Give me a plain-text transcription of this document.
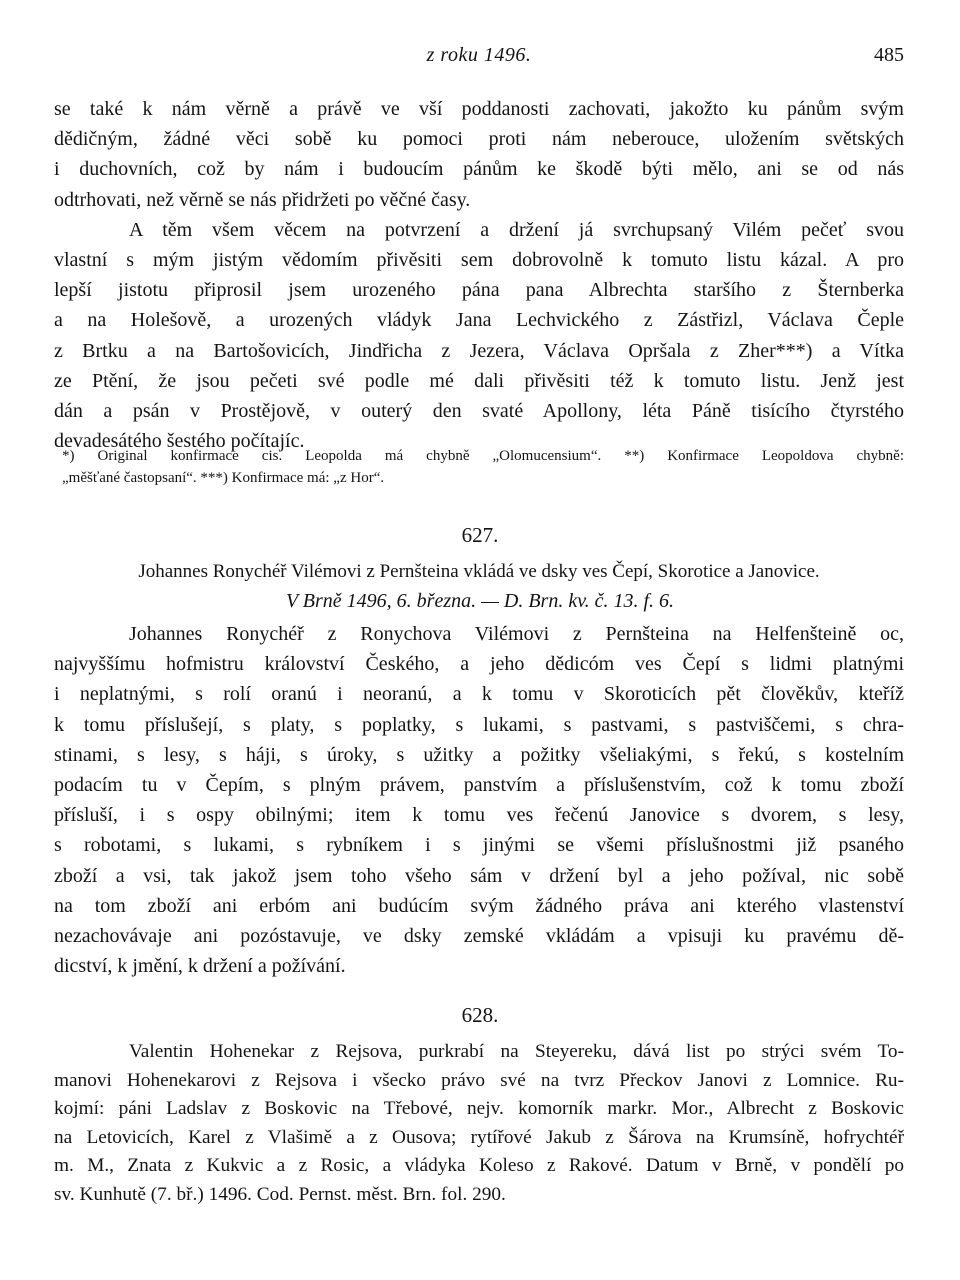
z roku 1496.	485
se také k nám věrně a právě ve vší poddanosti zachovati, jakožto ku pánům svým
dědičným, žádné věci sobě ku pomoci proti nám neberouce, uložením světských
i duchovních, což by nám i budoucím pánům ke škodě býti mělo, ani se od nás
odtrhovati, než věrně se nás přidržeti po věčné časy.
A těm všem věcem na potvrzení a držení já svrchupsaný Vilém pečeť svou
vlastní s mým jistým vědomím přivěsiti sem dobrovolně k tomuto listu kázal. A pro
lepší jistotu připrosil jsem urozeného pána pana Albrechta staršího z Šternberka
a na Holešově, a urozených vládyk Jana Lechvického z Zástřizl, Václava Čeple
z Brtku a na Bartošovicích, Jindřicha z Jezera, Václava Opršala z Zher***) a Vítka
ze Ptění, že jsou pečeti své podle mé dali přivěsiti též k tomuto listu. Jenž jest
dán a psán v Prostějově, v outerý den svaté Apollony, léta Páně tisícího čtyrstého
devadesátého šestého počítajíc.
*) Original konfirmace cis. Leopolda má chybně „Olomucensium“. **) Konfirmace Leopoldova chybně:
„měšťané častopsaní“. ***) Konfirmace má: „z Hor“.
627.
Johannes Ronychéř Vilémovi z Pernšteina vkládá ve dsky ves Čepí, Skorotice a Janovice.
V Brně 1496, 6. března. — D. Brn. kv. č. 13. f. 6.
Johannes Ronychéř z Ronychova Vilémovi z Pernšteina na Helfenšteině oc,
najvyššímu hofmistru království Českého, a jeho dědicóm ves Čepí s lidmi platnými
i neplatnými, s rolí oranú i neoranú, a k tomu v Skoroticích pět člověkův, kteříž
k tomu příslušejí, s platy, s poplatky, s lukami, s pastvami, s pastviščemi, s chra-
stinami, s lesy, s háji, s úroky, s užitky a požitky všeliakými, s řekú, s kostelním
podacím tu v Čepím, s plným právem, panstvím a příslušenstvím, což k tomu zboží
přísluší, i s ospy obilnými; item k tomu ves řečenú Janovice s dvorem, s lesy,
s robotami, s lukami, s rybníkem i s jinými se všemi příslušnostmi již psaného
zboží a vsi, tak jakož jsem toho všeho sám v držení byl a jeho požíval, nic sobě
na tom zboží ani erbóm ani budúcím svým žádného práva ani kterého vlastenství
nezachovávaje ani pozóstavuje, ve dsky zemské vkládám a vpisuji ku pravému dě-
dicství, k jmění, k držení a požívání.
628.
Valentin Hohenekar z Rejsova, purkrabí na Steyereku, dává list po strýci svém To-
manovi Hohenekarovi z Rejsova i všecko právo své na tvrz Přeckov Janovi z Lomnice. Ru-
kojmí: páni Ladslav z Boskovic na Třebové, nejv. komorník markr. Mor., Albrecht z Boskovic
na Letovicích, Karel z Vlašimě a z Ousova; rytířové Jakub z Šárova na Krumsíně, hofrychtéř
m. M., Znata z Kukvic a z Rosic, a vládyka Koleso z Rakové. Datum v Brně, v pondělí po
sv. Kunhutě (7. bř.) 1496. Cod. Pernst. měst. Brn. fol. 290.
